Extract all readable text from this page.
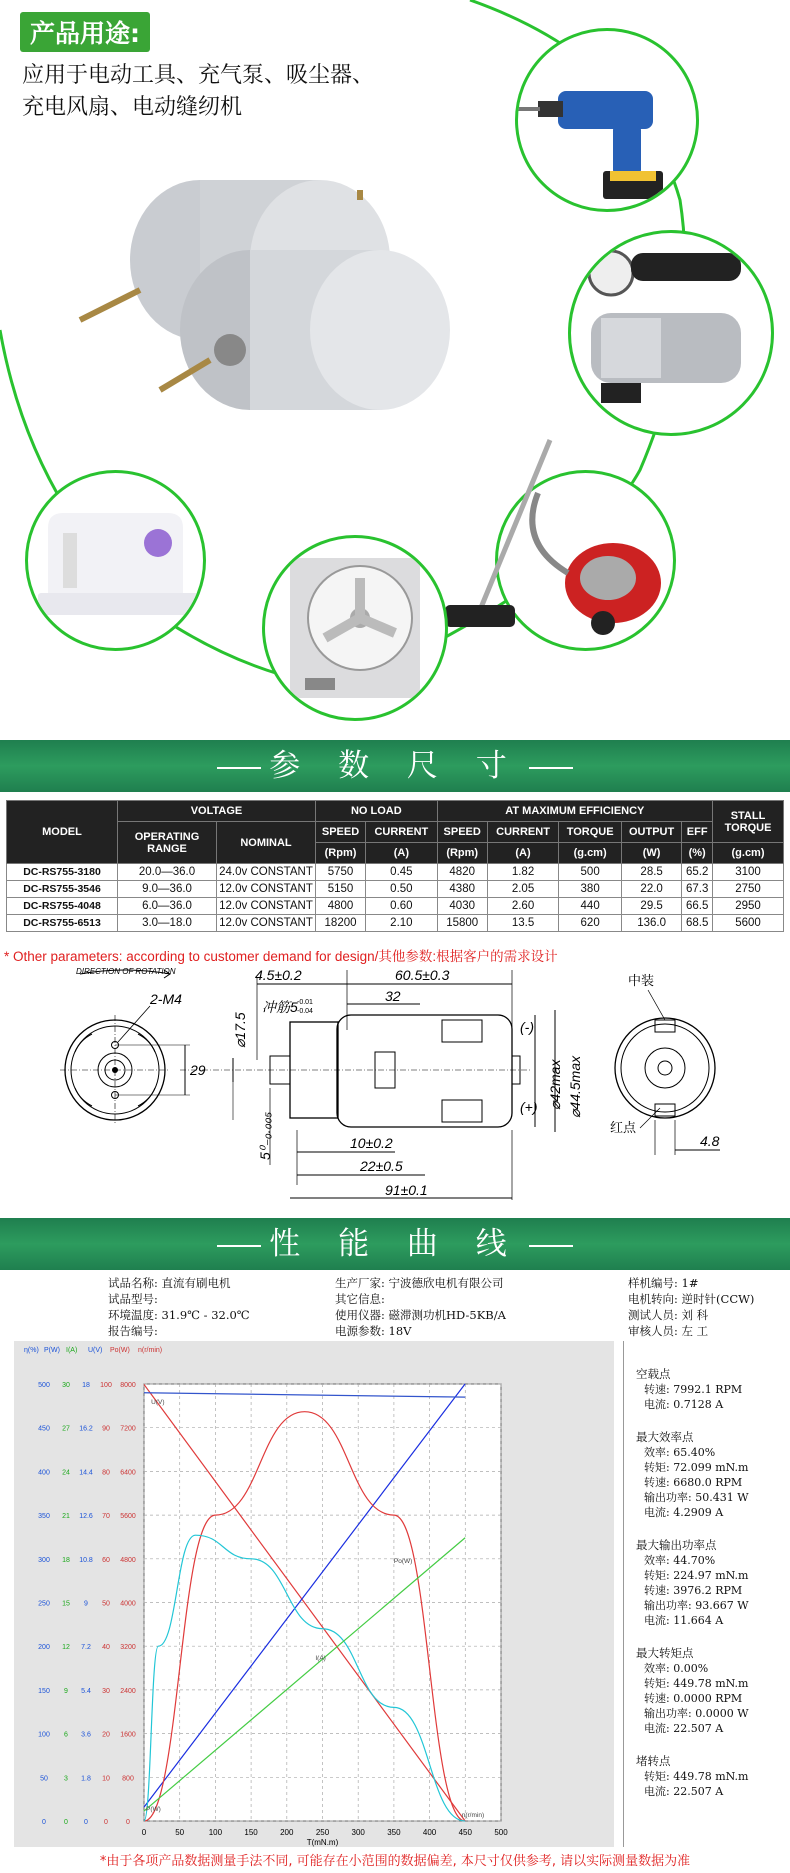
产品用途:
应用于电动工具、充气泵、吸尘器、
充电风扇、电动缝纫机
参 数 尺 寸
MODEL	VOLTAGE		NO LOAD		AT MAXIMUM EFFICIENCY					STALL TORQUE
	OPERATING RANGE	NOMINAL	SPEED	CURRENT	SPEED	CURRENT	TORQUE	OUTPUT	EFF	
			(Rpm)	(A)	(Rpm)	(A)	(g.cm)	(W)	(%)	(g.cm)
DC-RS755-3180	20.0—36.0	24.0v CONSTANT	5750	0.45	4820	1.82	500	28.5	65.2	3100
DC-RS755-3546	9.0—36.0	12.0v CONSTANT	5150	0.50	4380	2.05	380	22.0	67.3	2750
DC-RS755-4048	6.0—36.0	12.0v CONSTANT	4800	0.60	4030	2.60	440	29.5	66.5	2950
DC-RS755-6513	3.0—18.0	12.0v CONSTANT	18200	2.10	15800	13.5	620	136.0	68.5	5600
* Other parameters: according to customer demand for design/其他参数:根据客户的需求设计
DIRECTION OF ROTATION
2-M4
29
4.5±0.2	60.5±0.3
32
⌀17.5
冲筋5 -0.01
-0.04
(-)
(+) ⌀42max ⌀44.5max
10±0.2
22±0.5
91±0.1
5⁰₋₀.₀₀₅
中装
红点
4.8
性 能 曲 线
试品名称: 直流有刷电机
试品型号:
环境温度: 31.9℃ - 32.0℃
报告编号:
生产厂家: 宁波德欣电机有限公司
其它信息:
使用仪器: 磁滞测功机HD-5KB/A
电源参数: 18V
样机编号: 1#
电机转向: 逆时针(CCW)
测试人员: 刘 科
审核人员: 左 工
0	50	100	150	200	250	300	350	400	450	500
0	0 0 0	0
50 3 1.8 10 800
100 6 3.6 20 1600
150 9 5.4 30 2400
200 12 7.2 40 3200
250 15 9 50 4000
300 18 10.8 60 4800
350 21 12.6 70 5600
400 24 14.4 80 6400
450 27 16.2 90 7200
500 30 18 100 8000
η(%) P(W) I(A) U(V) Po(W) n(r/min)
T(mN.m)
U(V)
Po(W)
I(A)
P(W)
n(r/min)
空载点
转速: 7992.1 RPM
电流: 0.7128 A
最大效率点
效率: 65.40%
转矩: 72.099 mN.m
转速: 6680.0 RPM
输出功率: 50.431 W
电流: 4.2909 A
最大输出功率点
效率: 44.70%
转矩: 224.97 mN.m
转速: 3976.2 RPM
输出功率: 93.667 W
电流: 11.664 A
最大转矩点
效率: 0.00%
转矩: 449.78 mN.m
转速: 0.0000 RPM
输出功率: 0.0000 W
电流: 22.507 A
堵转点
转矩: 449.78 mN.m
电流: 22.507 A
*由于各项产品数据测量手法不同, 可能存在小范围的数据偏差, 本尺寸仅供参考, 请以实际测量数据为准
